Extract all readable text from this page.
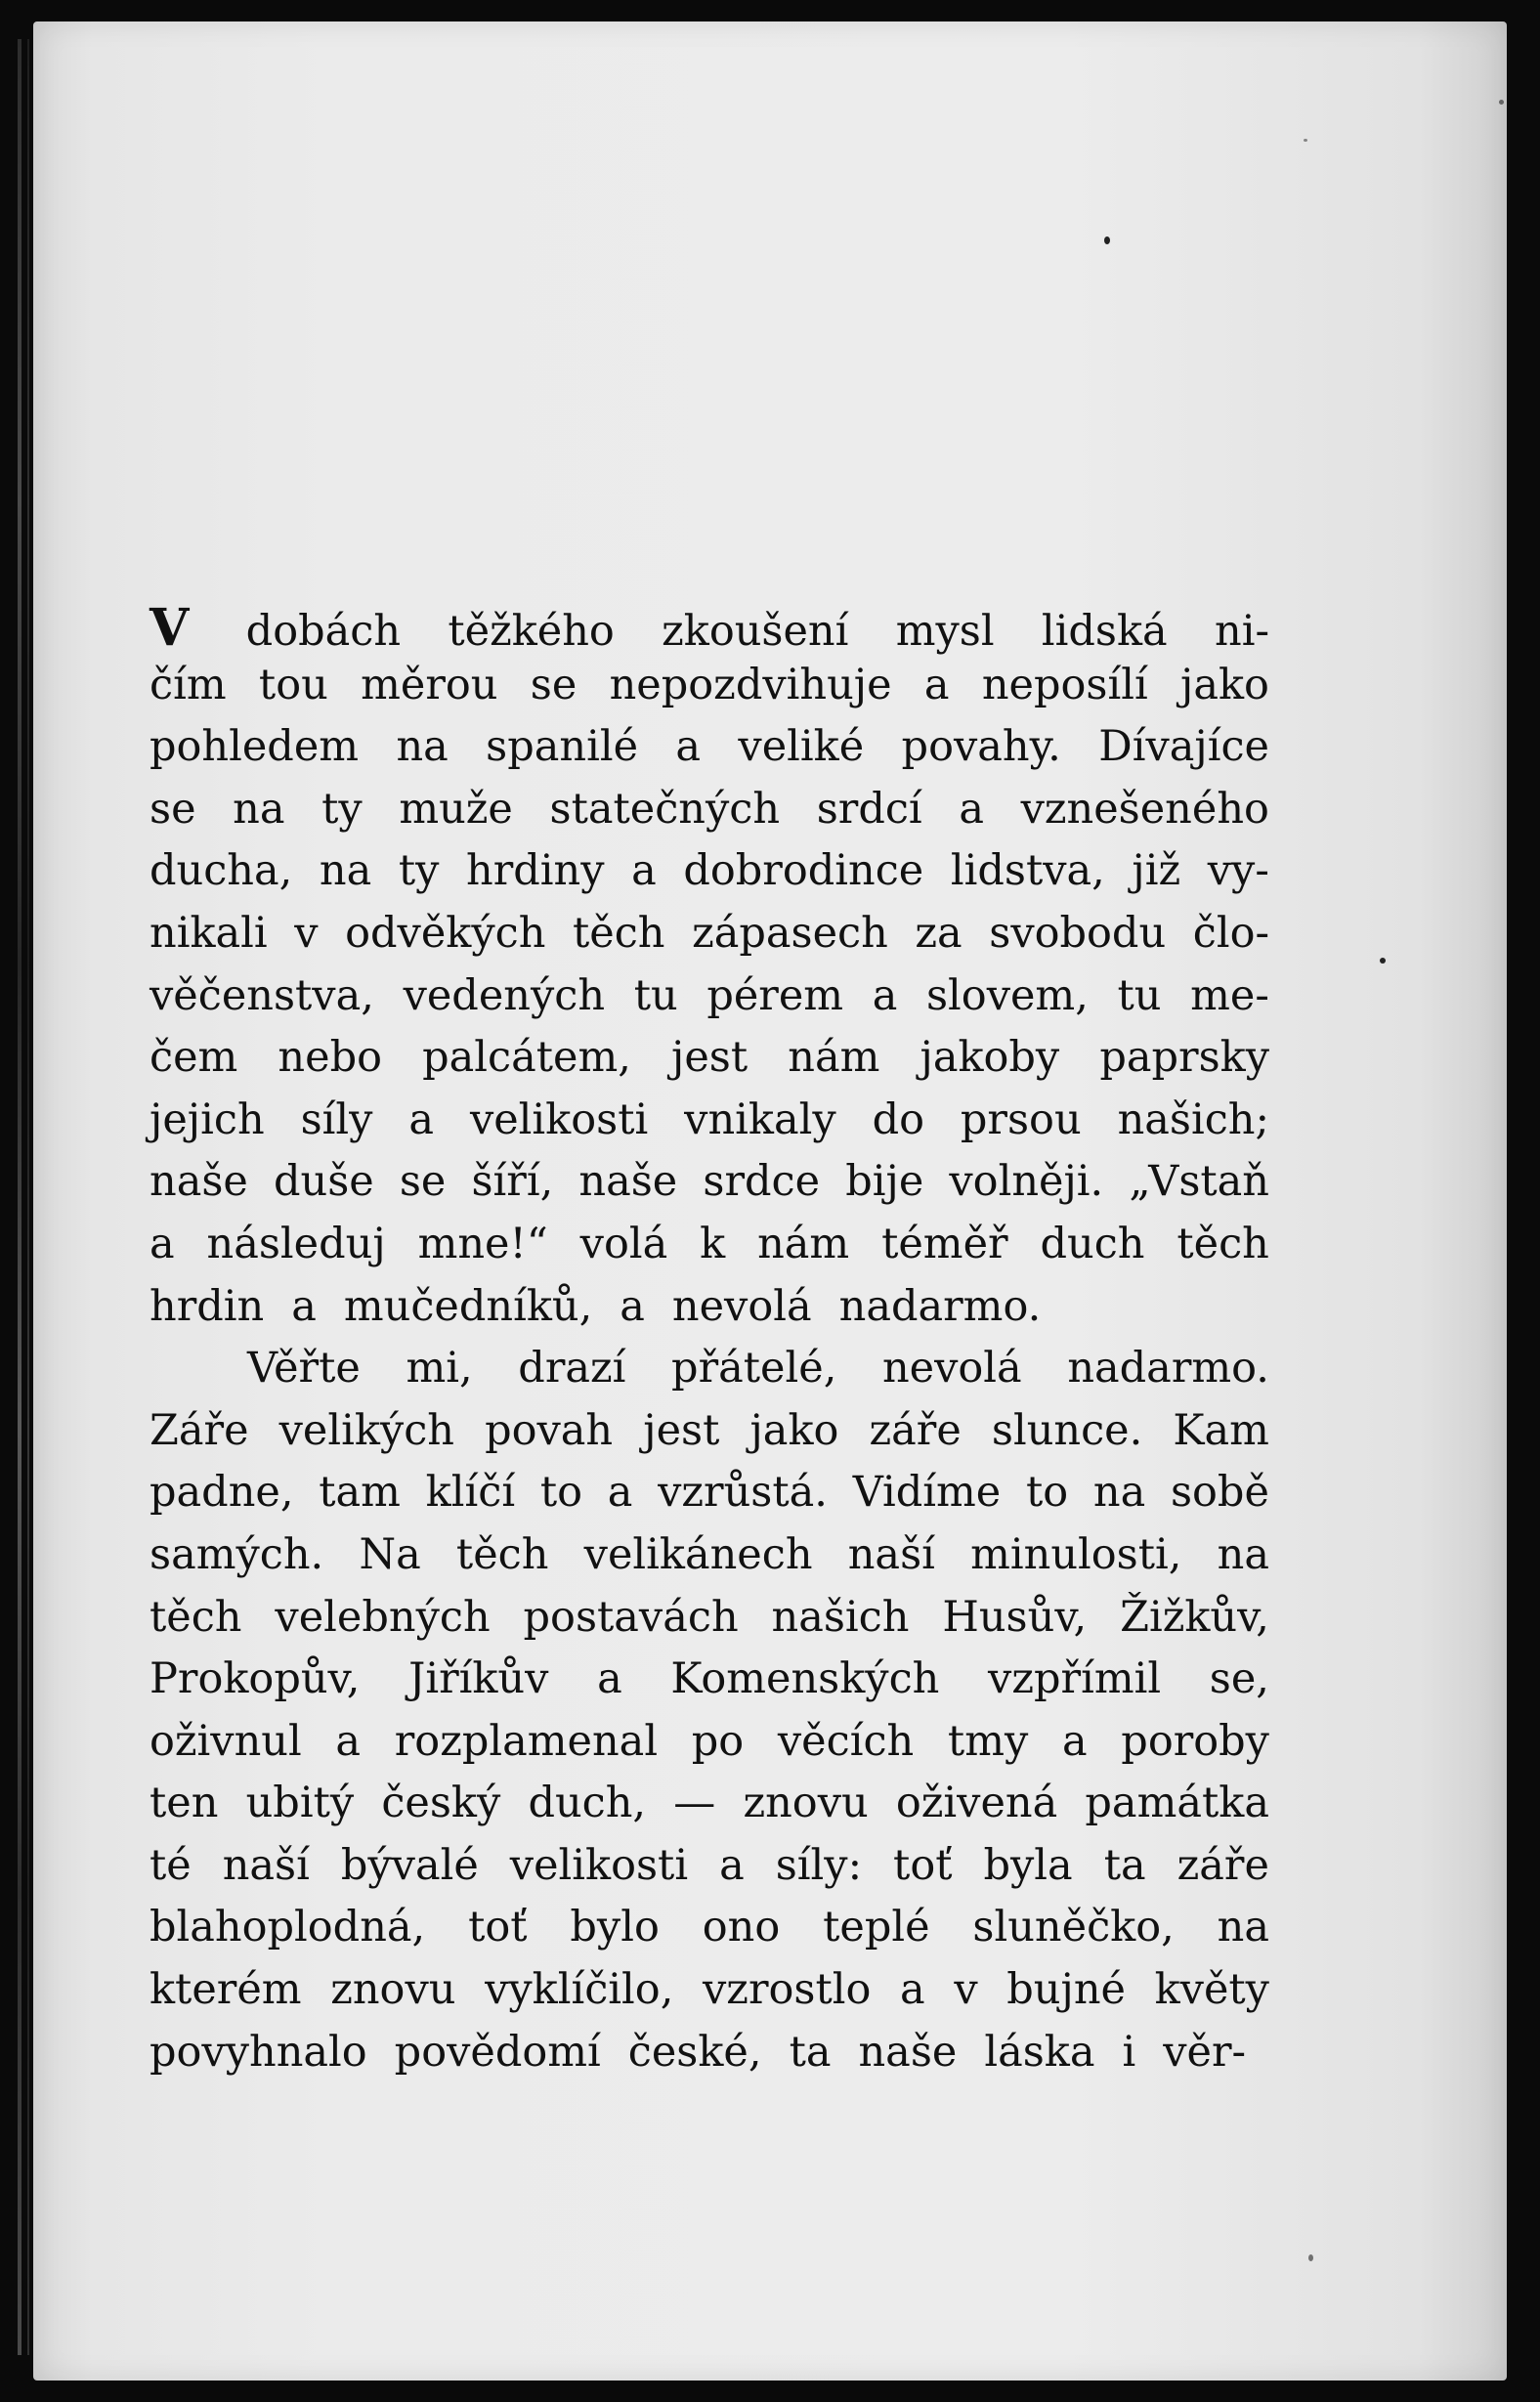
V dobách těžkého zkoušení mysl lidská ni-
čím tou měrou se nepozdvihuje a neposílí jako
pohledem na spanilé a veliké povahy. Dívajíce
se na ty muže statečných srdcí a vznešeného
ducha, na ty hrdiny a dobrodince lidstva, již vy-
nikali v odvěkých těch zápasech za svobodu člo-
věčenstva, vedených tu pérem a slovem, tu me-
čem nebo palcátem, jest nám jakoby paprsky
jejich síly a velikosti vnikaly do prsou našich;
naše duše se šíří, naše srdce bije volněji. „Vstaň
a následuj mne!“ volá k nám téměř duch těch
hrdin a mučedníků, a nevolá nadarmo.
Věřte mi, drazí přátelé, nevolá nadarmo.
Záře velikých povah jest jako záře slunce. Kam
padne, tam klíčí to a vzrůstá. Vidíme to na sobě
samých. Na těch velikánech naší minulosti, na
těch velebných postavách našich Husův, Žižkův,
Prokopův, Jiříkův a Komenských vzpřímil se,
oživnul a rozplamenal po věcích tmy a poroby
ten ubitý český duch, — znovu oživená památka
té naší bývalé velikosti a síly: toť byla ta záře
blahoplodná, toť bylo ono teplé sluněčko, na
kterém znovu vyklíčilo, vzrostlo a v bujné květy
povyhnalo povědomí české, ta naše láska i věr-
